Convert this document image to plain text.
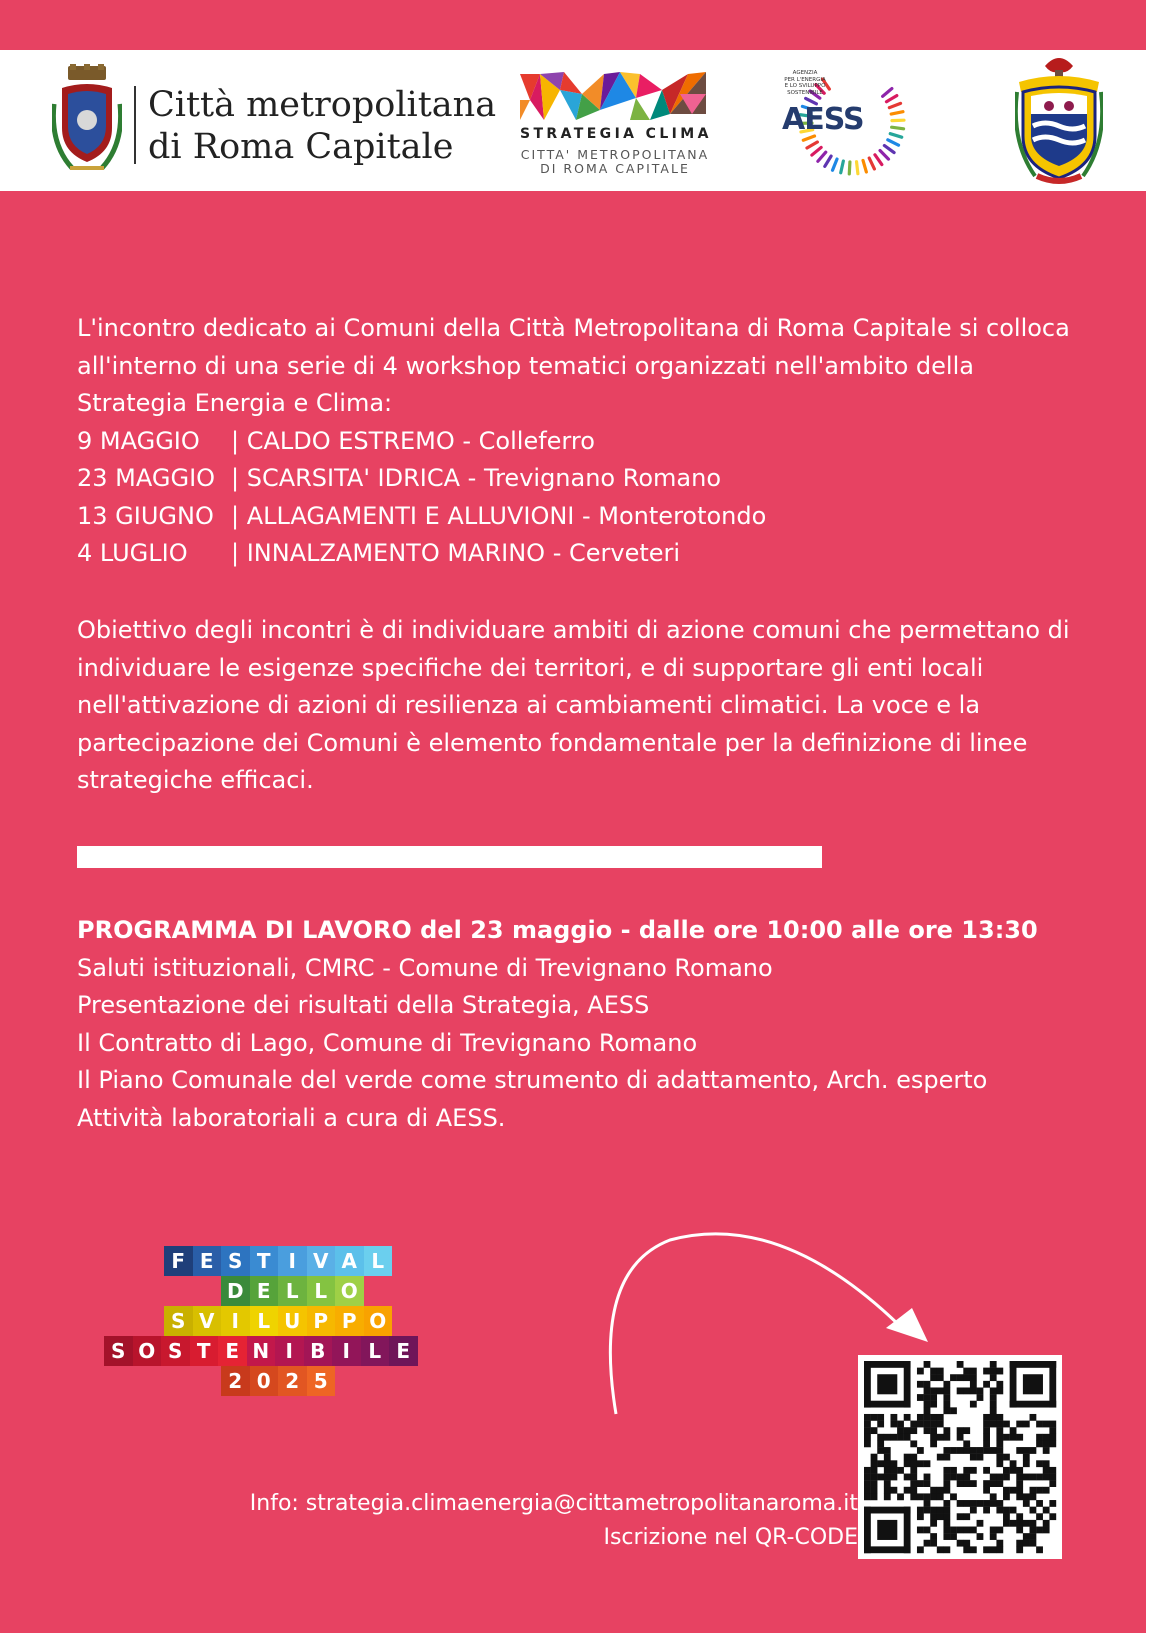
Città metropolitana
di Roma Capitale	STRATEGIA CLIMA
CITTA' METROPOLITANA
DI ROMA CAPITALE
AGENZIA
PER L'ENERGIA
E LO SVILUPPO
SOSTENIBILE
AESS
L'incontro dedicato ai Comuni della Città Metropolitana di Roma Capitale si colloca
all'interno di una serie di 4 workshop tematici organizzati nell'ambito della
Strategia Energia e Clima:
9 MAGGIO | CALDO ESTREMO - Colleferro
23 MAGGIO | SCARSITA' IDRICA - Trevignano Romano
13 GIUGNO | ALLAGAMENTI E ALLUVIONI - Monterotondo
4 LUGLIO | INNALZAMENTO MARINO - Cerveteri
Obiettivo degli incontri è di individuare ambiti di azione comuni che permettano di
individuare le esigenze specifiche dei territori, e di supportare gli enti locali
nell'attivazione di azioni di resilienza ai cambiamenti climatici. La voce e la
partecipazione dei Comuni è elemento fondamentale per la definizione di linee
strategiche efficaci.
PROGRAMMA DI LAVORO del 23 maggio - dalle ore 10:00 alle ore 13:30
Saluti istituzionali, CMRC - Comune di Trevignano Romano
Presentazione dei risultati della Strategia, AESS
Il Contratto di Lago, Comune di Trevignano Romano
Il Piano Comunale del verde come strumento di adattamento, Arch. esperto
Attività laboratoriali a cura di AESS.
F E S T I V A L
D E L L O
S V I L U P P O
S O S T E N I B I L E
2 0 2 5
Info: strategia.climaenergia@cittametropolitanaroma.it
Iscrizione nel QR-CODE
